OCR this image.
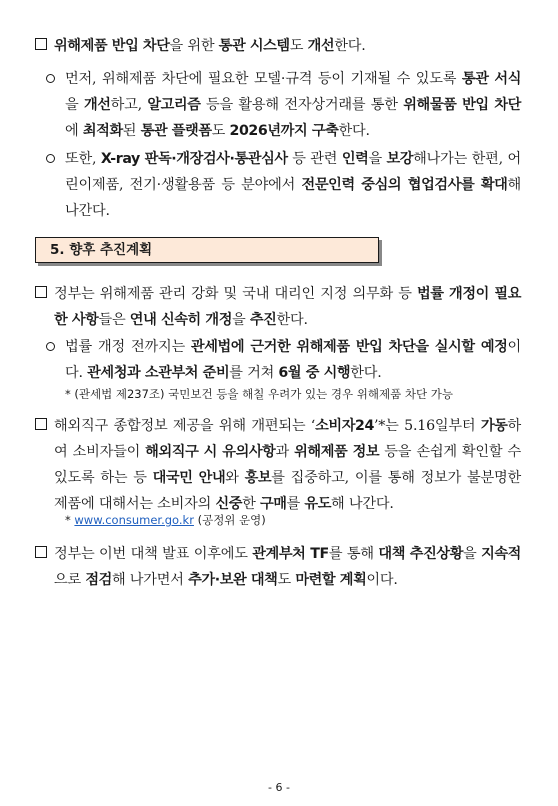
위해제품 반입 차단을 위한 통관 시스템도 개선한다.
먼저, 위해제품 차단에 필요한 모델·규격 등이 기재될 수 있도록 통관 서식을 개선하고, 알고리즘 등을 활용해 전자상거래를 통한 위해물품 반입 차단에 최적화된 통관 플랫폼도 2026년까지 구축한다.
또한, X-ray 판독·개장검사·통관심사 등 관련 인력을 보강해나가는 한편, 어린이제품, 전기·생활용품 등 분야에서 전문인력 중심의 협업검사를 확대해 나간다.
5. 향후 추진계획
정부는 위해제품 관리 강화 및 국내 대리인 지정 의무화 등 법률 개정이 필요한 사항들은 연내 신속히 개정을 추진한다.
법률 개정 전까지는 관세법에 근거한 위해제품 반입 차단을 실시할 예정이다. 관세청과 소관부처 준비를 거쳐 6월 중 시행한다.
* (관세법 제237조) 국민보건 등을 해칠 우려가 있는 경우 위해제품 차단 가능
해외직구 종합정보 제공을 위해 개편되는 ‘소비자24’*는 5.16일부터 가동하여 소비자들이 해외직구 시 유의사항과 위해제품 정보 등을 손쉽게 확인할 수 있도록 하는 등 대국민 안내와 홍보를 집중하고, 이를 통해 정보가 불분명한 제품에 대해서는 소비자의 신중한 구매를 유도해 나간다.
* www.consumer.go.kr (공정위 운영)
정부는 이번 대책 발표 이후에도 관계부처 TF를 통해 대책 추진상황을 지속적으로 점검해 나가면서 추가·보완 대책도 마련할 계획이다.
- 6 -
